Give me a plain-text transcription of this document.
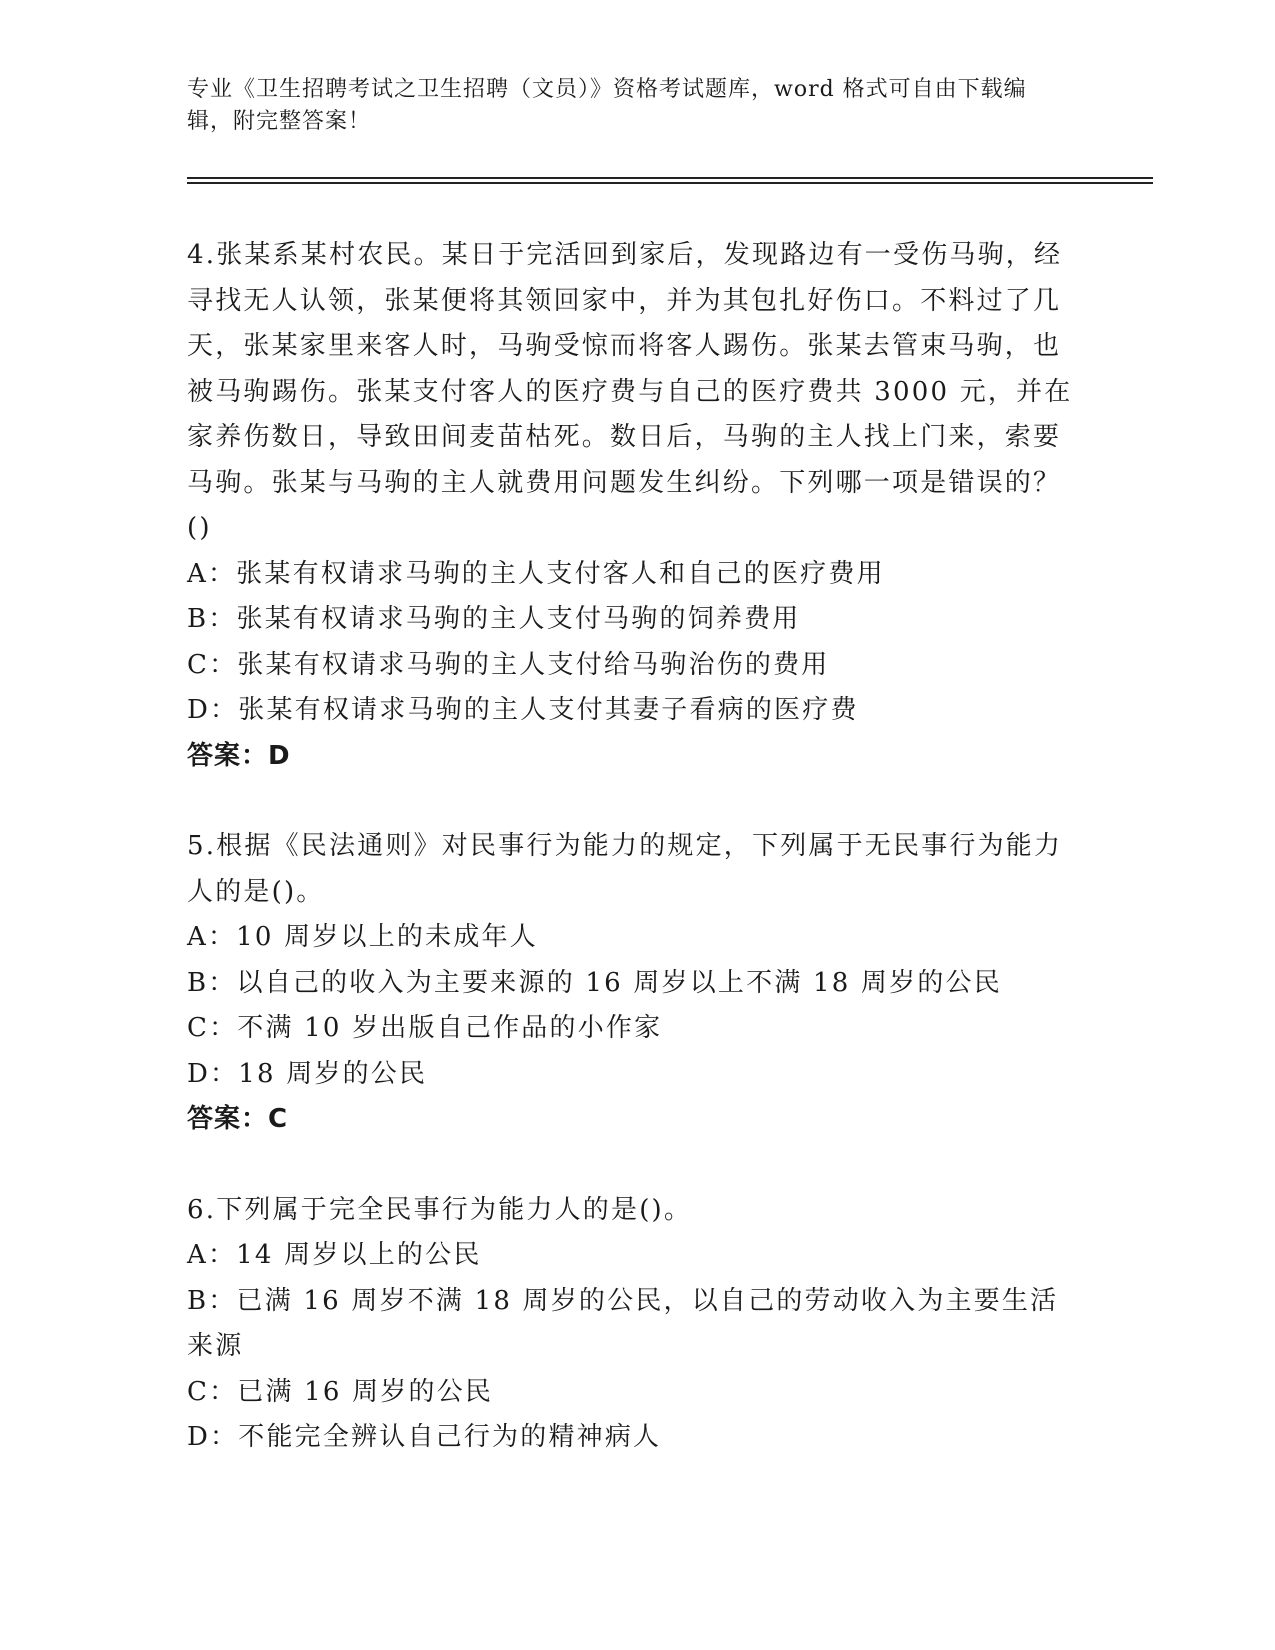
专业《卫生招聘考试之卫生招聘（文员）》资格考试题库，word 格式可自由下载编辑，附完整答案！
4.张某系某村农民。某日于完活回到家后，发现路边有一受伤马驹，经寻找无人认领，张某便将其领回家中，并为其包扎好伤口。不料过了几天，张某家里来客人时，马驹受惊而将客人踢伤。张某去管束马驹，也被马驹踢伤。张某支付客人的医疗费与自己的医疗费共 3000 元，并在家养伤数日，导致田间麦苗枯死。数日后，马驹的主人找上门来，索要马驹。张某与马驹的主人就费用问题发生纠纷。下列哪一项是错误的？()
A：张某有权请求马驹的主人支付客人和自己的医疗费用
B：张某有权请求马驹的主人支付马驹的饲养费用
C：张某有权请求马驹的主人支付给马驹治伤的费用
D：张某有权请求马驹的主人支付其妻子看病的医疗费
答案：D
5.根据《民法通则》对民事行为能力的规定，下列属于无民事行为能力人的是()。
A：10 周岁以上的未成年人
B：以自己的收入为主要来源的 16 周岁以上不满 18 周岁的公民
C：不满 10 岁出版自己作品的小作家
D：18 周岁的公民
答案：C
6.下列属于完全民事行为能力人的是()。
A：14 周岁以上的公民
B：已满 16 周岁不满 18 周岁的公民，以自己的劳动收入为主要生活来源
C：已满 16 周岁的公民
D：不能完全辨认自己行为的精神病人
